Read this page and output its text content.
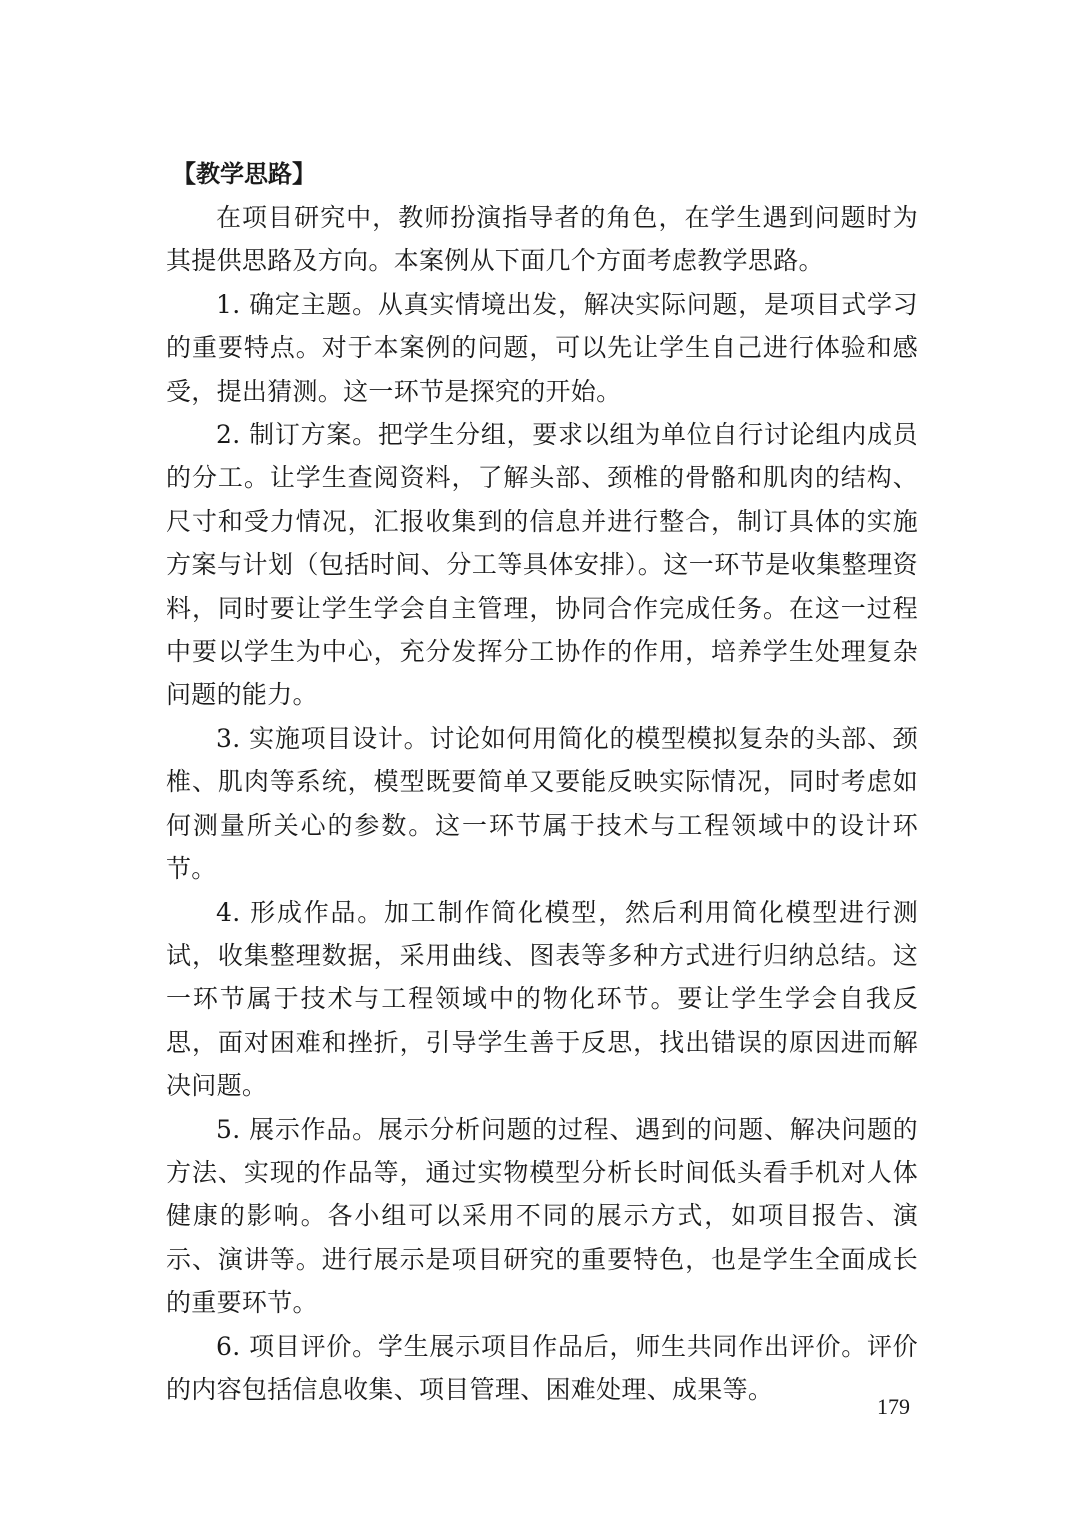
【教学思路】

在项目研究中，教师扮演指导者的角色，在学生遇到问题时为其提供思路及方向。本案例从下面几个方面考虑教学思路。

1. 确定主题。从真实情境出发，解决实际问题，是项目式学习的重要特点。对于本案例的问题，可以先让学生自己进行体验和感受，提出猜测。这一环节是探究的开始。

2. 制订方案。把学生分组，要求以组为单位自行讨论组内成员的分工。让学生查阅资料，了解头部、颈椎的骨骼和肌肉的结构、尺寸和受力情况，汇报收集到的信息并进行整合，制订具体的实施方案与计划（包括时间、分工等具体安排）。这一环节是收集整理资料，同时要让学生学会自主管理，协同合作完成任务。在这一过程中要以学生为中心，充分发挥分工协作的作用，培养学生处理复杂问题的能力。

3. 实施项目设计。讨论如何用简化的模型模拟复杂的头部、颈椎、肌肉等系统，模型既要简单又要能反映实际情况，同时考虑如何测量所关心的参数。这一环节属于技术与工程领域中的设计环节。

4. 形成作品。加工制作简化模型，然后利用简化模型进行测试，收集整理数据，采用曲线、图表等多种方式进行归纳总结。这一环节属于技术与工程领域中的物化环节。要让学生学会自我反思，面对困难和挫折，引导学生善于反思，找出错误的原因进而解决问题。

5. 展示作品。展示分析问题的过程、遇到的问题、解决问题的方法、实现的作品等，通过实物模型分析长时间低头看手机对人体健康的影响。各小组可以采用不同的展示方式，如项目报告、演示、演讲等。进行展示是项目研究的重要特色，也是学生全面成长的重要环节。

6. 项目评价。学生展示项目作品后，师生共同作出评价。评价的内容包括信息收集、项目管理、困难处理、成果等。

179
